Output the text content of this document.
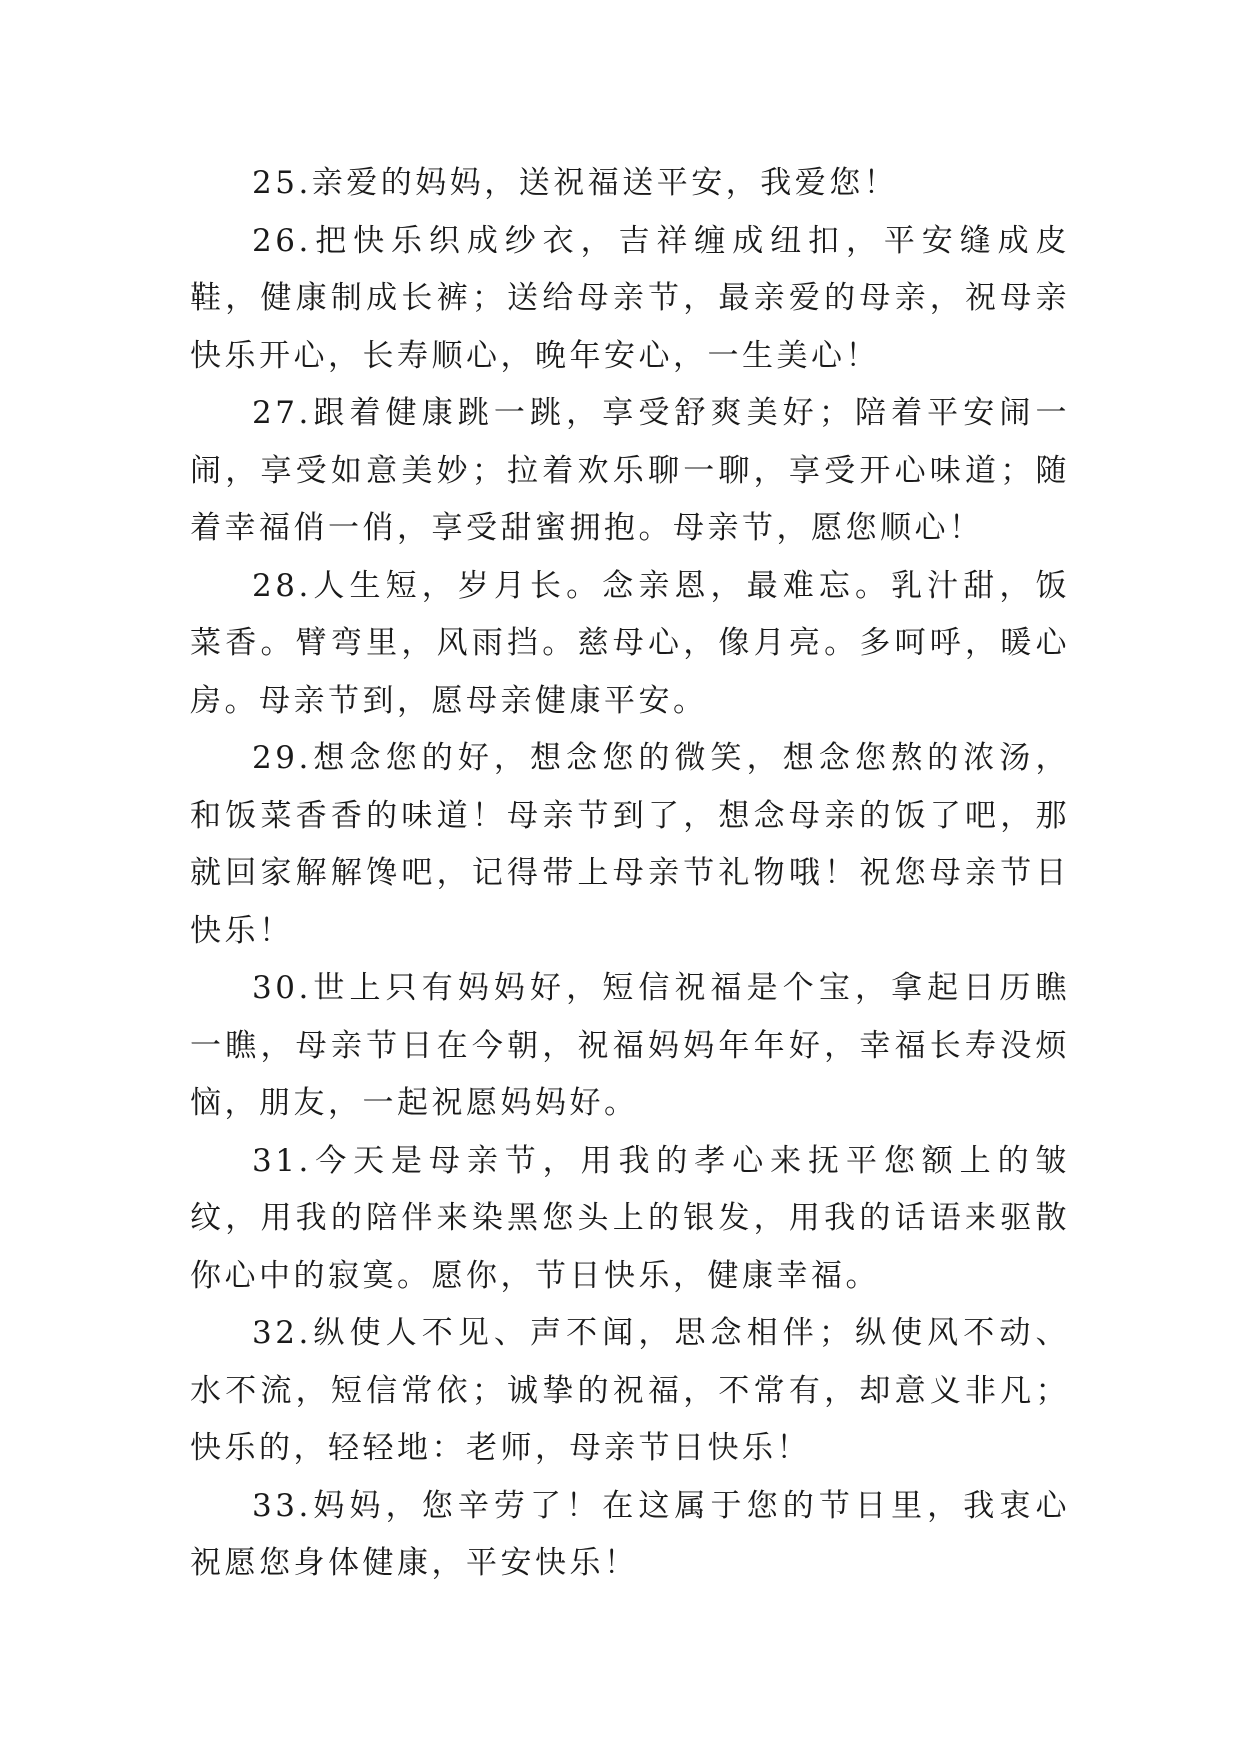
25.亲爱的妈妈，送祝福送平安，我爱您！

26.把快乐织成纱衣，吉祥缠成纽扣，平安缝成皮鞋，健康制成长裤；送给母亲节，最亲爱的母亲，祝母亲快乐开心，长寿顺心，晚年安心，一生美心！

27.跟着健康跳一跳，享受舒爽美好；陪着平安闹一闹，享受如意美妙；拉着欢乐聊一聊，享受开心味道；随着幸福俏一俏，享受甜蜜拥抱。母亲节，愿您顺心！

28.人生短，岁月长。念亲恩，最难忘。乳汁甜，饭菜香。臂弯里，风雨挡。慈母心，像月亮。多呵呼，暖心房。母亲节到，愿母亲健康平安。

29.想念您的好，想念您的微笑，想念您熬的浓汤，和饭菜香香的味道！母亲节到了，想念母亲的饭了吧，那就回家解解馋吧，记得带上母亲节礼物哦！祝您母亲节日快乐！

30.世上只有妈妈好，短信祝福是个宝，拿起日历瞧一瞧，母亲节日在今朝，祝福妈妈年年好，幸福长寿没烦恼，朋友，一起祝愿妈妈好。

31.今天是母亲节，用我的孝心来抚平您额上的皱纹，用我的陪伴来染黑您头上的银发，用我的话语来驱散你心中的寂寞。愿你，节日快乐，健康幸福。

32.纵使人不见、声不闻，思念相伴；纵使风不动、水不流，短信常依；诚挚的祝福，不常有，却意义非凡；快乐的，轻轻地：老师，母亲节日快乐！

33.妈妈，您辛劳了！在这属于您的节日里，我衷心祝愿您身体健康，平安快乐！
